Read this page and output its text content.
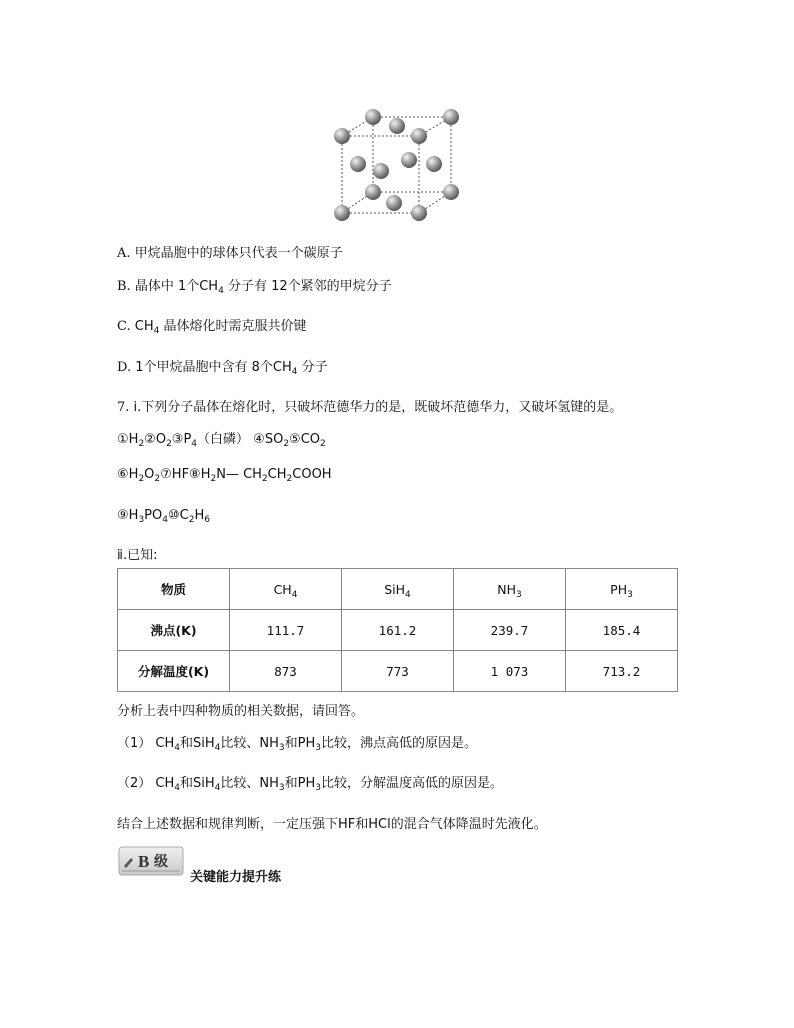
A. 甲烷晶胞中的球体只代表一个碳原子
B. 晶体中 1个$CH_4$ 分子有 12个紧邻的甲烷分子
C. $CH_4$ 晶体熔化时需克服共价键
D. 1个甲烷晶胞中含有 8个$CH_4$ 分子
7. ⅰ.下列分子晶体在熔化时，只破坏范德华力的是，既破坏范德华力，又破坏氢键的是。
$①H_2②O_2③P_4$（白磷） $④SO_2⑤CO_2$
$⑥H_2O_2⑦HF⑧H_2N—$ $CH_2CH_2COOH$
$⑨H_3PO_4⑩C_2H_6$
ⅱ.已知:
物质	$CH_4$	SiH$_4$	$NH_3$	$PH_3$
沸点(K)	111.7	161.2	239.7	185.4
分解温度(K)	873	773	1 073	713.2
分析上表中四种物质的相关数据，请回答。
（1） $CH_4$和SiH$_4$比较、$NH_3$和$PH_3$比较，沸点高低的原因是。
（2） $CH_4$和SiH$_4$比较、$NH_3$和$PH_3$比较，分解温度高低的原因是。
结合上述数据和规律判断，一定压强下HF和HCl的混合气体降温时先液化。
B 级
关键能力提升练
